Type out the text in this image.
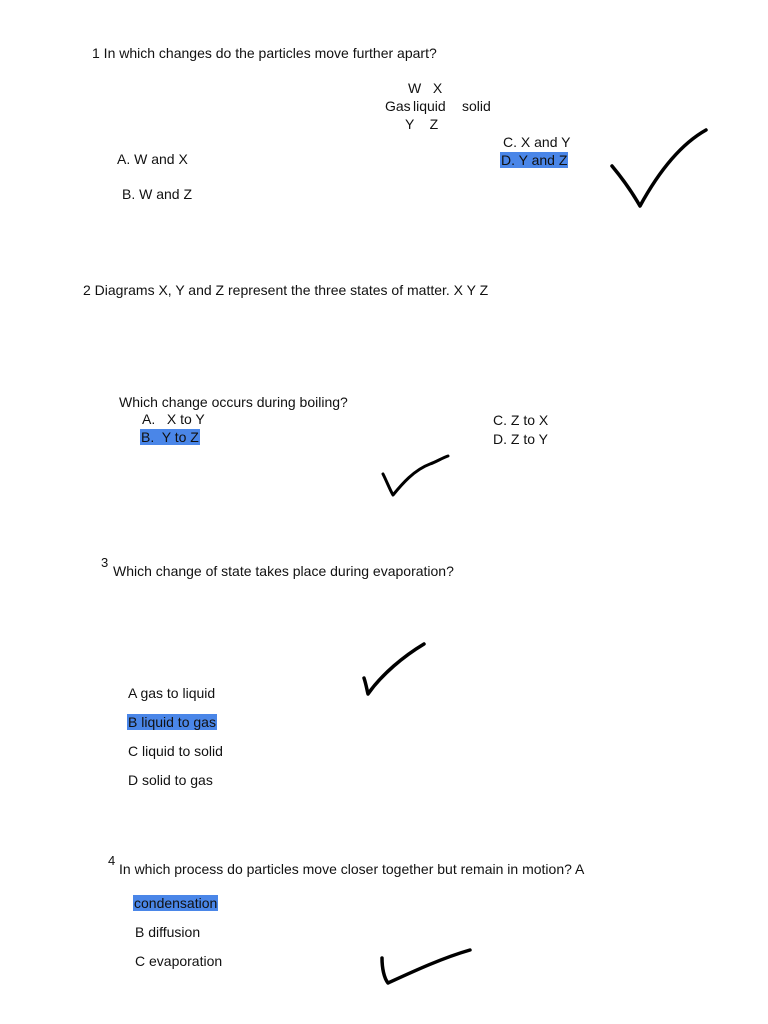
1 In which changes do the particles move further apart?
W   X
Gas liquid solid
Y    Z
A. W and X
B. W and Z
C. X and Y
D. Y and Z
2 Diagrams X, Y and Z represent the three states of matter. X Y Z
Which change occurs during boiling?
A.   X to Y
B.  Y to Z
C. Z to X
D. Z to Y
3
Which change of state takes place during evaporation?
A gas to liquid
B liquid to gas
C liquid to solid
D solid to gas
4
In which process do particles move closer together but remain in motion? A
condensation
B diffusion
C evaporation
